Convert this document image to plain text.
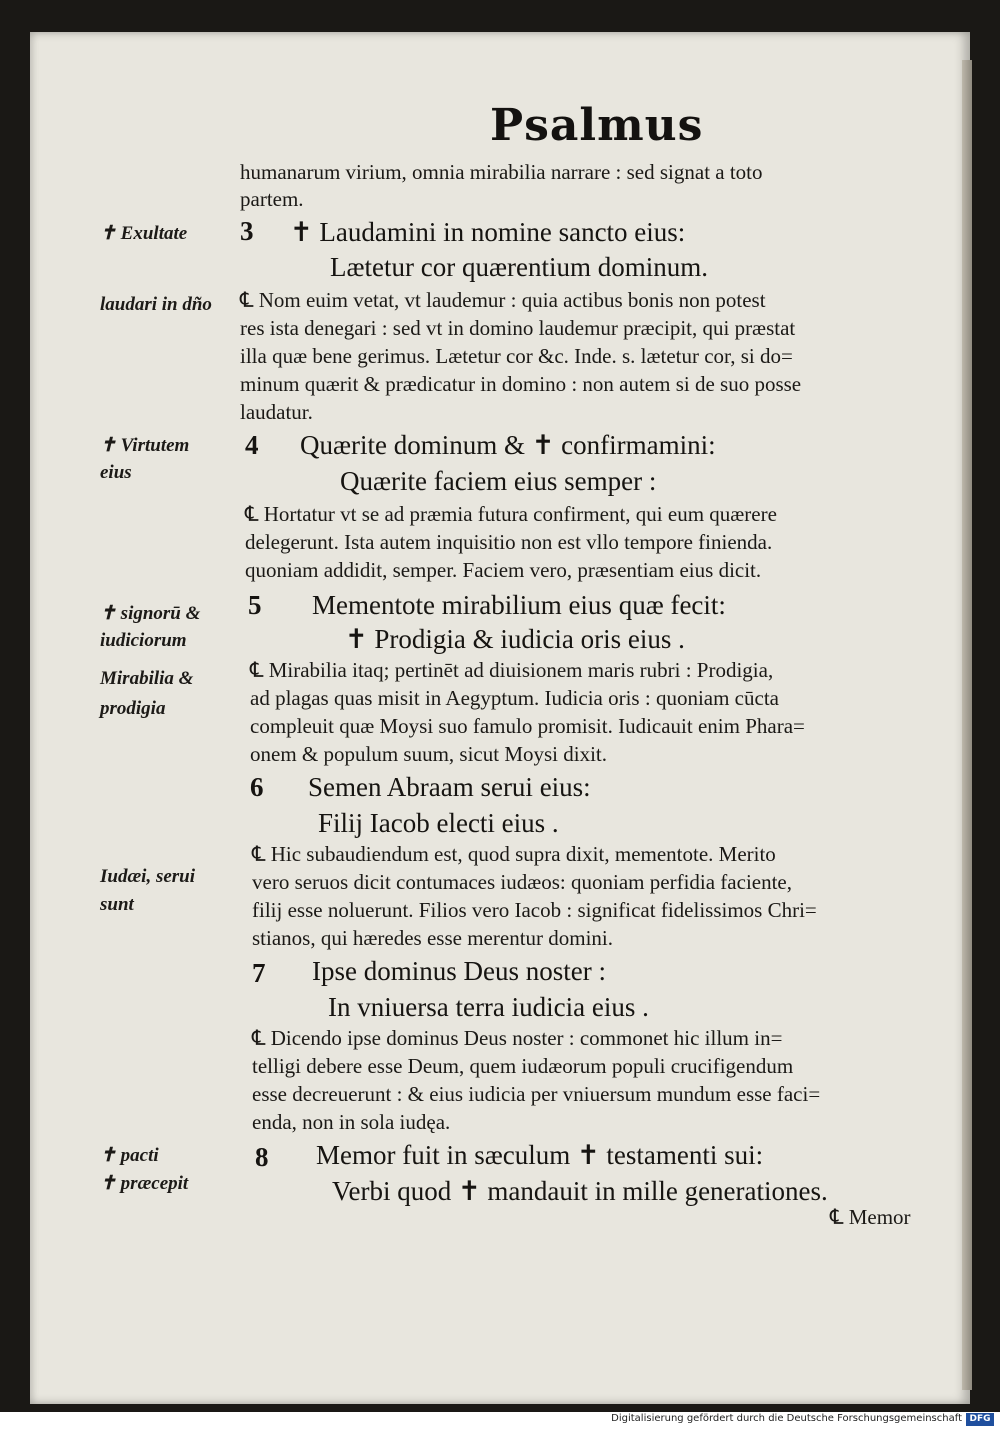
Psalmus
humanarum virium, omnia mirabilia narrare : sed signat a toto
partem.
3 ✝ Laudamini in nomine sancto eius:
Lætetur cor quærentium dominum.
℄ Nom euim vetat, vt laudemur : quia actibus bonis non potest
res ista denegari : sed vt in domino laudemur præcipit, qui præstat
illa quæ bene gerimus. Lætetur cor &c. Inde. s. lætetur cor, si do=
minum quærit & prædicatur in domino : non autem si de suo posse
laudatur.
4 Quærite dominum & ✝ confirmamini:
Quærite faciem eius semper :
℄ Hortatur vt se ad præmia futura confirment, qui eum quærere
delegerunt. Ista autem inquisitio non est vllo tempore finienda.
quoniam addidit, semper. Faciem vero, præsentiam eius dicit.
5 Mementote mirabilium eius quæ fecit:
✝ Prodigia & iudicia oris eius .
℄ Mirabilia itaq; pertinēt ad diuisionem maris rubri : Prodigia,
ad plagas quas misit in Aegyptum. Iudicia oris : quoniam cūcta
compleuit quæ Moysi suo famulo promisit. Iudicauit enim Phara=
onem & populum suum, sicut Moysi dixit.
6 Semen Abraam serui eius:
Filij Iacob electi eius .
℄ Hic subaudiendum est, quod supra dixit, mementote. Merito
vero seruos dicit contumaces iudæos: quoniam perfidia faciente,
filij esse noluerunt. Filios vero Iacob : significat fidelissimos Chri=
stianos, qui hæredes esse merentur domini.
7 Ipse dominus Deus noster :
In vniuersa terra iudicia eius .
℄ Dicendo ipse dominus Deus noster : commonet hic illum in=
telligi debere esse Deum, quem iudæorum populi crucifigendum
esse decreuerunt : & eius iudicia per vniuersum mundum esse faci=
enda, non in sola iudęa.
8 Memor fuit in sæculum ✝ testamenti sui:
Verbi quod ✝ mandauit in mille generationes.
℄ Memor
✝ Exultate
laudari in dño
✝ Virtutem
eius
✝ signorū &
iudiciorum
Mirabilia &
prodigia
Iudæi, serui
sunt
✝ pacti
✝ præcepit
Digitalisierung gefördert durch die Deutsche Forschungsgemeinschaft DFG
